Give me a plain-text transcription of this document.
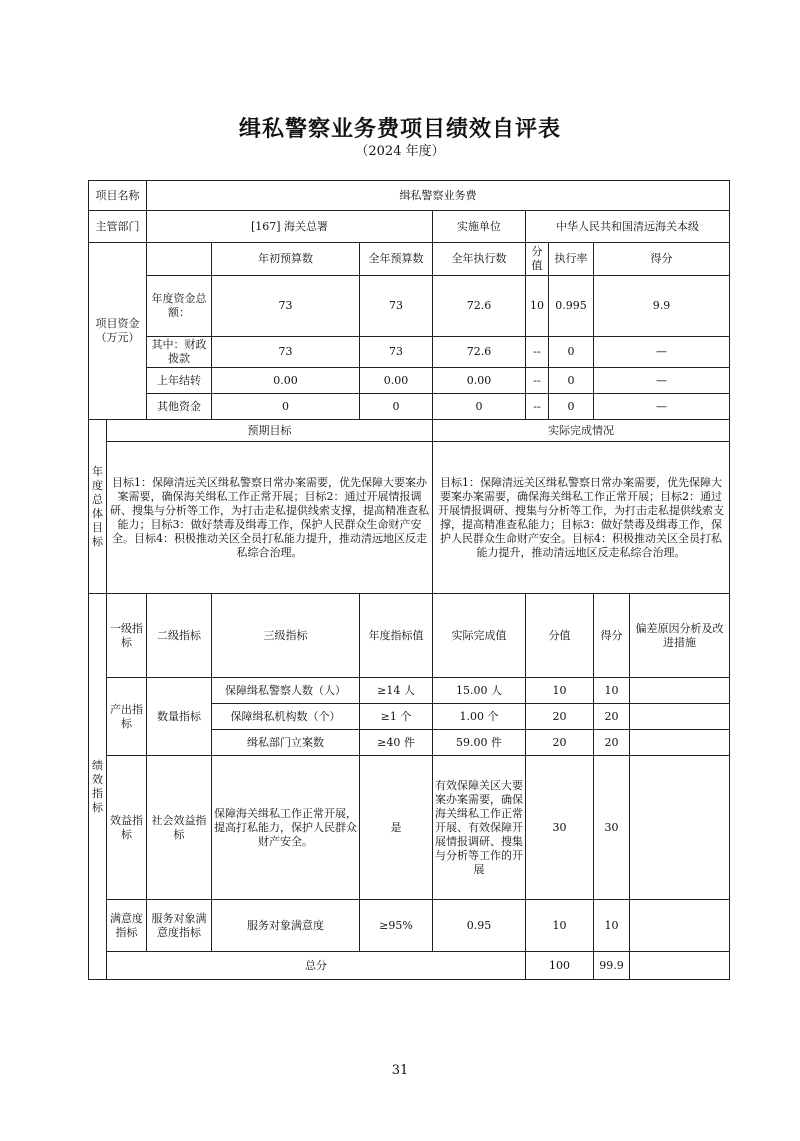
缉私警察业务费项目绩效自评表
（2024 年度）
项目名称		缉私警察业务费							
主管部门		[167] 海关总署			实施单位	中华人民共和国清远海关本级			
项目资金（万元）			年初预算数	全年预算数	全年执行数	分值	执行率	得分	
		年度资金总额：	73	73	72.6	10	0.995	9.9	
		其中：财政拨款	73	73	72.6	--	0	—	
		上年结转	0.00	0.00	0.00	--	0	—	
		其他资金	0	0	0	--	0	—	
年度总体目标	预期目标				实际完成情况				
	目标1：保障清远关区缉私警察日常办案需要，优先保障大要案办案需要，确保海关缉私工作正常开展；目标2：通过开展情报调研、搜集与分析等工作，为打击走私提供线索支撑，提高精准查私能力；目标3：做好禁毒及缉毒工作，保护人民群众生命财产安全。目标4：积极推动关区全员打私能力提升，推动清远地区反走私综合治理。				目标1：保障清远关区缉私警察日常办案需要，优先保障大要案办案需要，确保海关缉私工作正常开展；目标2：通过开展情报调研、搜集与分析等工作，为打击走私提供线索支撑，提高精准查私能力；目标3：做好禁毒及缉毒工作，保护人民群众生命财产安全。目标4：积极推动关区全员打私能力提升，推动清远地区反走私综合治理。				
绩效指标	一级指标	二级指标	三级指标	年度指标值	实际完成值	分值		得分	偏差原因分析及改进措施
	产出指标	数量指标	保障缉私警察人数（人）	≥14 人	15.00 人	10		10	
			保障缉私机构数（个）	≥1 个	1.00 个	20		20	
			缉私部门立案数	≥40 件	59.00 件	20		20	
	效益指标	社会效益指标	保障海关缉私工作正常开展，提高打私能力，保护人民群众财产安全。	是	有效保障关区大要案办案需要，确保海关缉私工作正常开展、有效保障开展情报调研、搜集与分析等工作的开展	30		30	
	满意度指标	服务对象满意度指标	服务对象满意度	≥95%	0.95	10		10	
	总分					100		99.9	
31
